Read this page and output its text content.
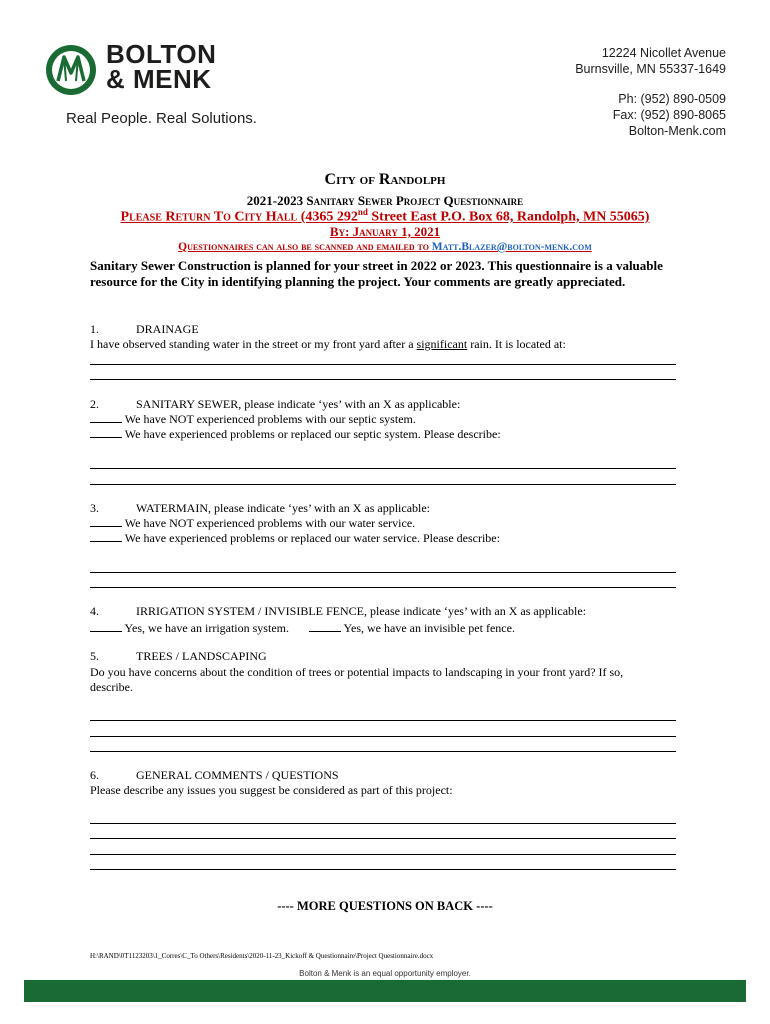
BOLTON
& MENK
Real People. Real Solutions.
12224 Nicollet Avenue
Burnsville, MN 55337-1649
Ph: (952) 890-0509
Fax: (952) 890-8065
Bolton-Menk.com
City of Randolph
2021-2023 Sanitary Sewer Project Questionnaire
Please Return To City Hall (4365 292nd Street East P.O. Box 68, Randolph, MN 55065)
By: January 1, 2021
Questionnaires can also be scanned and emailed to Matt.Blazer@bolton-menk.com
Sanitary Sewer Construction is planned for your street in 2022 or 2023. This questionnaire is a valuable resource for the City in identifying planning the project. Your comments are greatly appreciated.
1.	DRAINAGE
I have observed standing water in the street or my front yard after a significant rain. It is located at:
2.	SANITARY SEWER, please indicate ‘yes’ with an X as applicable:
We have NOT experienced problems with our septic system.
We have experienced problems or replaced our septic system. Please describe:
3.	WATERMAIN, please indicate ‘yes’ with an X as applicable:
We have NOT experienced problems with our water service.
We have experienced problems or replaced our water service. Please describe:
4.	IRRIGATION SYSTEM / INVISIBLE FENCE, please indicate ‘yes’ with an X as applicable:
Yes, we have an irrigation system.	Yes, we have an invisible pet fence.
5.	TREES / LANDSCAPING
Do you have concerns about the condition of trees or potential impacts to landscaping in your front yard? If so,
describe.
6.	GENERAL COMMENTS / QUESTIONS
Please describe any issues you suggest be considered as part of this project:
---- MORE QUESTIONS ON BACK ----
H:\RAND\0T1123203\1_Corres\C_To Others\Residents\2020-11-23_Kickoff & Questionnaire\Project Questionnaire.docx
Bolton & Menk is an equal opportunity employer.
